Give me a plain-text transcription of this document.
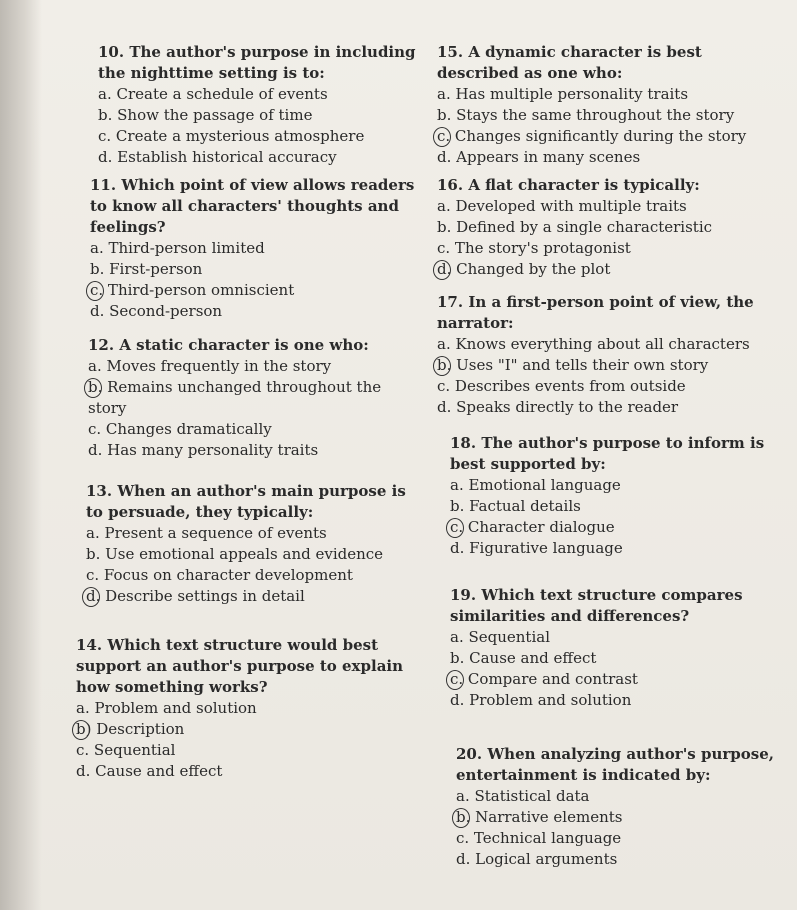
10. The author's purpose in including

the nighttime setting is to:

a. Create a schedule of events

b. Show the passage of time

c. Create a mysterious atmosphere

d. Establish historical accuracy

11. Which point of view allows readers

to know all characters' thoughts and

feelings?

a. Third-person limited

b. First-person

c. Third-person omniscient

d. Second-person

12. A static character is one who:

a. Moves frequently in the story

b. Remains unchanged throughout the

story

c. Changes dramatically

d. Has many personality traits

13. When an author's main purpose is

to persuade, they typically:

a. Present a sequence of events

b. Use emotional appeals and evidence

c. Focus on character development

d. Describe settings in detail

14. Which text structure would best

support an author's purpose to explain

how something works?

a. Problem and solution

b) Description

c. Sequential

d. Cause and effect

15. A dynamic character is best

described as one who:

a. Has multiple personality traits

b. Stays the same throughout the story

c. Changes significantly during the story

d. Appears in many scenes

16. A flat character is typically:

a. Developed with multiple traits

b. Defined by a single characteristic

c. The story's protagonist

d. Changed by the plot

17. In a first-person point of view, the

narrator:

a. Knows everything about all characters

b. Uses "I" and tells their own story

c. Describes events from outside

d. Speaks directly to the reader

18. The author's purpose to inform is

best supported by:

a. Emotional language

b. Factual details

c. Character dialogue

d. Figurative language

19. Which text structure compares

similarities and differences?

a. Sequential

b. Cause and effect

c. Compare and contrast

d. Problem and solution

20. When analyzing author's purpose,

entertainment is indicated by:

a. Statistical data

b. Narrative elements

c. Technical language

d. Logical arguments
